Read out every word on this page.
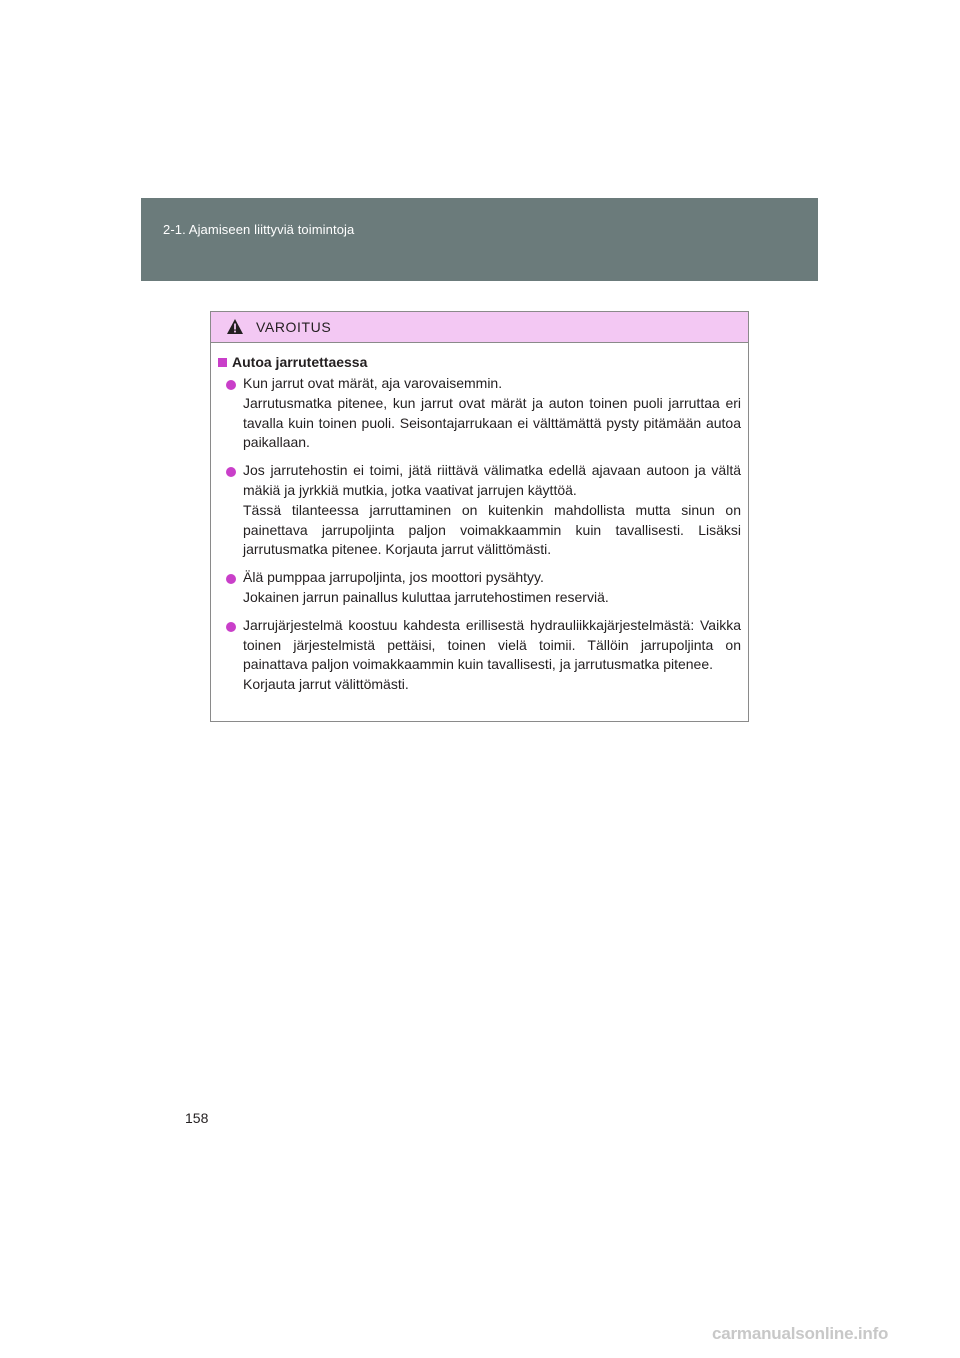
2-1. Ajamiseen liittyviä toimintoja
VAROITUS
Autoa jarrutettaessa

Kun jarrut ovat märät, aja varovaisemmin.

Jarrutusmatka pitenee, kun jarrut ovat märät ja auton toinen puoli jarruttaa eri tavalla kuin toinen puoli. Seisontajarrukaan ei välttämättä pysty pitämään autoa paikallaan.

Jos jarrutehostin ei toimi, jätä riittävä välimatka edellä ajavaan autoon ja vältä mäkiä ja jyrkkiä mutkia, jotka vaativat jarrujen käyttöä.

Tässä tilanteessa jarruttaminen on kuitenkin mahdollista mutta sinun on painettava jarrupoljinta paljon voimakkaammin kuin tavallisesti. Lisäksi jarrutusmatka pitenee. Korjauta jarrut välittömästi.

Älä pumppaa jarrupoljinta, jos moottori pysähtyy.

Jokainen jarrun painallus kuluttaa jarrutehostimen reserviä.

Jarrujärjestelmä koostuu kahdesta erillisestä hydrauliikkajärjestelmästä: Vaikka toinen järjestelmistä pettäisi, toinen vielä toimii. Tällöin jarrupoljinta on painattava paljon voimakkaammin kuin tavallisesti, ja jarrutusmatka pitenee.

Korjauta jarrut välittömästi.

158
carmanualsonline.info
